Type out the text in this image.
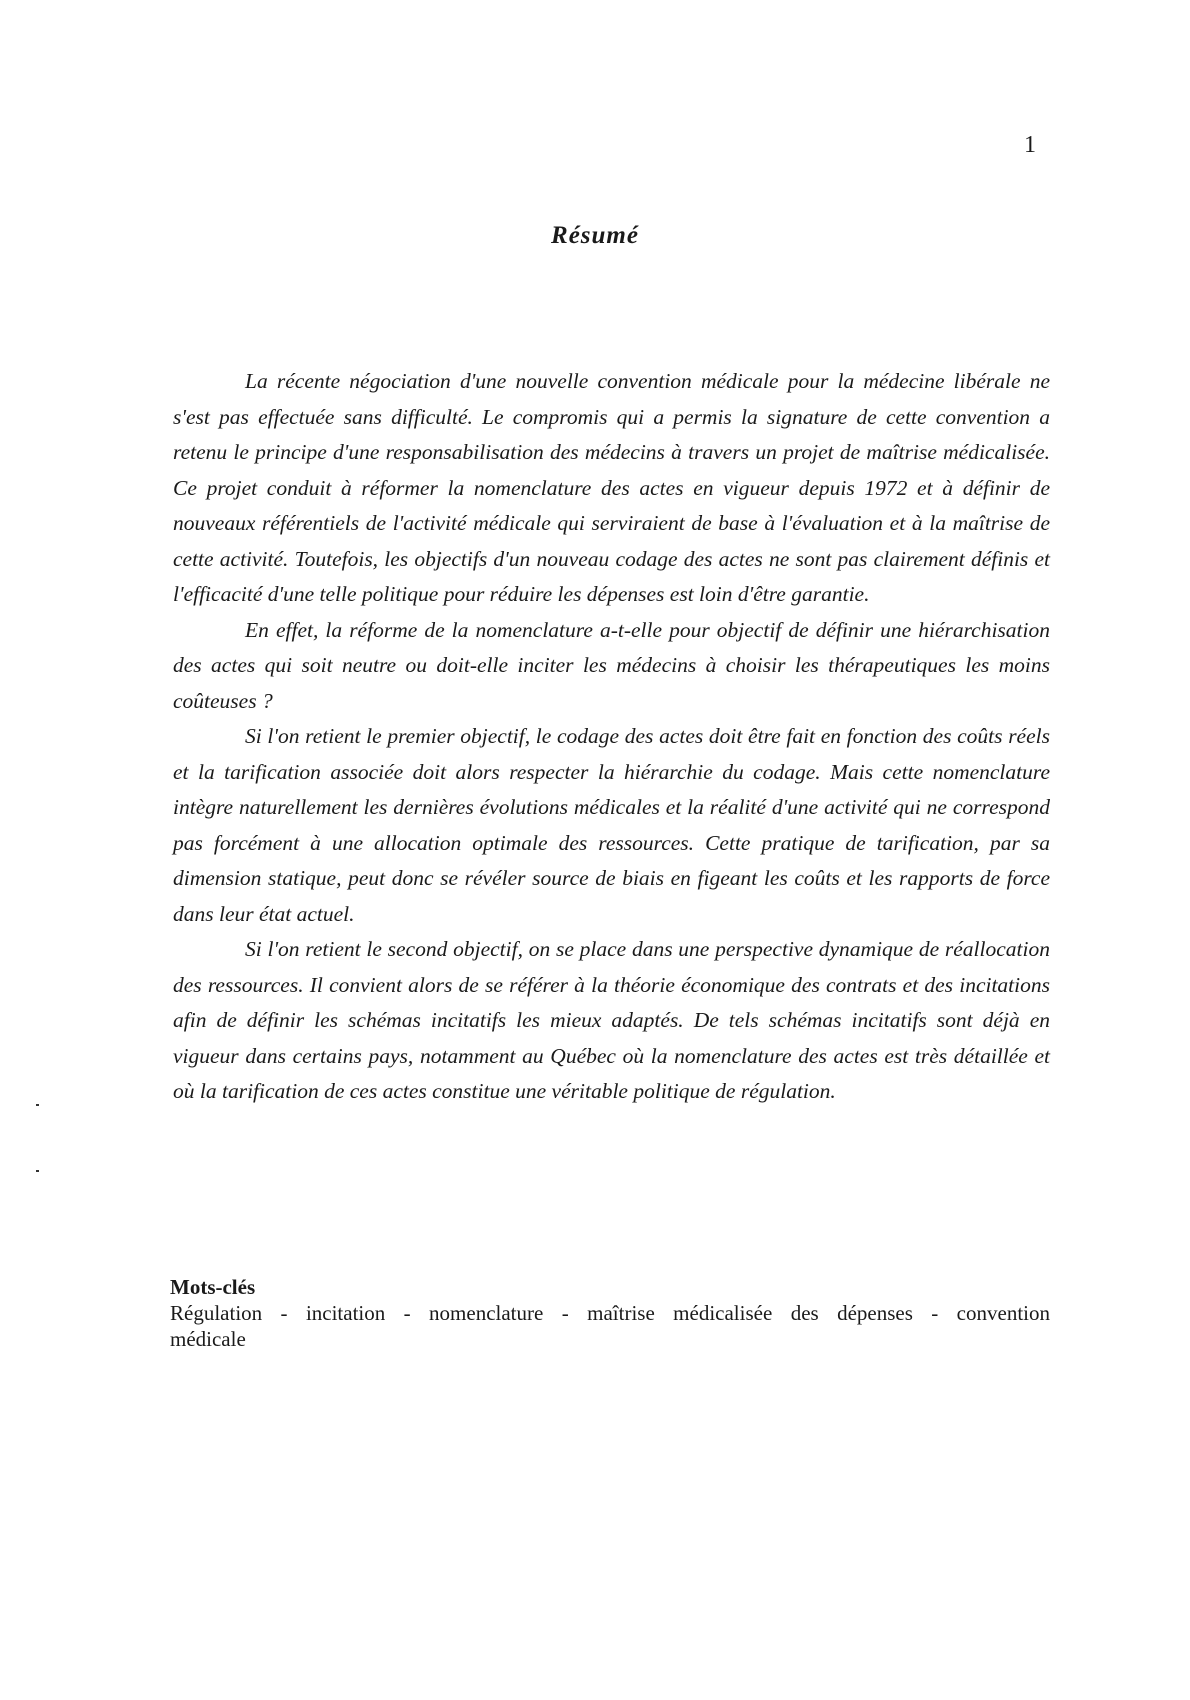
1
Résumé

La récente négociation d'une nouvelle convention médicale pour la médecine libérale ne s'est pas effectuée sans difficulté. Le compromis qui a permis la signature de cette convention a retenu le principe d'une responsabilisation des médecins à travers un projet de maîtrise médicalisée. Ce projet conduit à réformer la nomenclature des actes en vigueur depuis 1972 et à définir de nouveaux référentiels de l'activité médicale qui serviraient de base à l'évaluation et à la maîtrise de cette activité. Toutefois, les objectifs d'un nouveau codage des actes ne sont pas clairement définis et l'efficacité d'une telle politique pour réduire les dépenses est loin d'être garantie.

En effet, la réforme de la nomenclature a-t-elle pour objectif de définir une hiérarchisation des actes qui soit neutre ou doit-elle inciter les médecins à choisir les thérapeutiques les moins coûteuses ?

Si l'on retient le premier objectif, le codage des actes doit être fait en fonction des coûts réels et la tarification associée doit alors respecter la hiérarchie du codage. Mais cette nomenclature intègre naturellement les dernières évolutions médicales et la réalité d'une activité qui ne correspond pas forcément à une allocation optimale des ressources. Cette pratique de tarification, par sa dimension statique, peut donc se révéler source de biais en figeant les coûts et les rapports de force dans leur état actuel.

Si l'on retient le second objectif, on se place dans une perspective dynamique de réallocation des ressources. Il convient alors de se référer à la théorie économique des contrats et des incitations afin de définir les schémas incitatifs les mieux adaptés. De tels schémas incitatifs sont déjà en vigueur dans certains pays, notamment au Québec où la nomenclature des actes est très détaillée et où la tarification de ces actes constitue une véritable politique de régulation.

Mots-clés
Régulation - incitation - nomenclature - maîtrise médicalisée des dépenses - convention médicale
